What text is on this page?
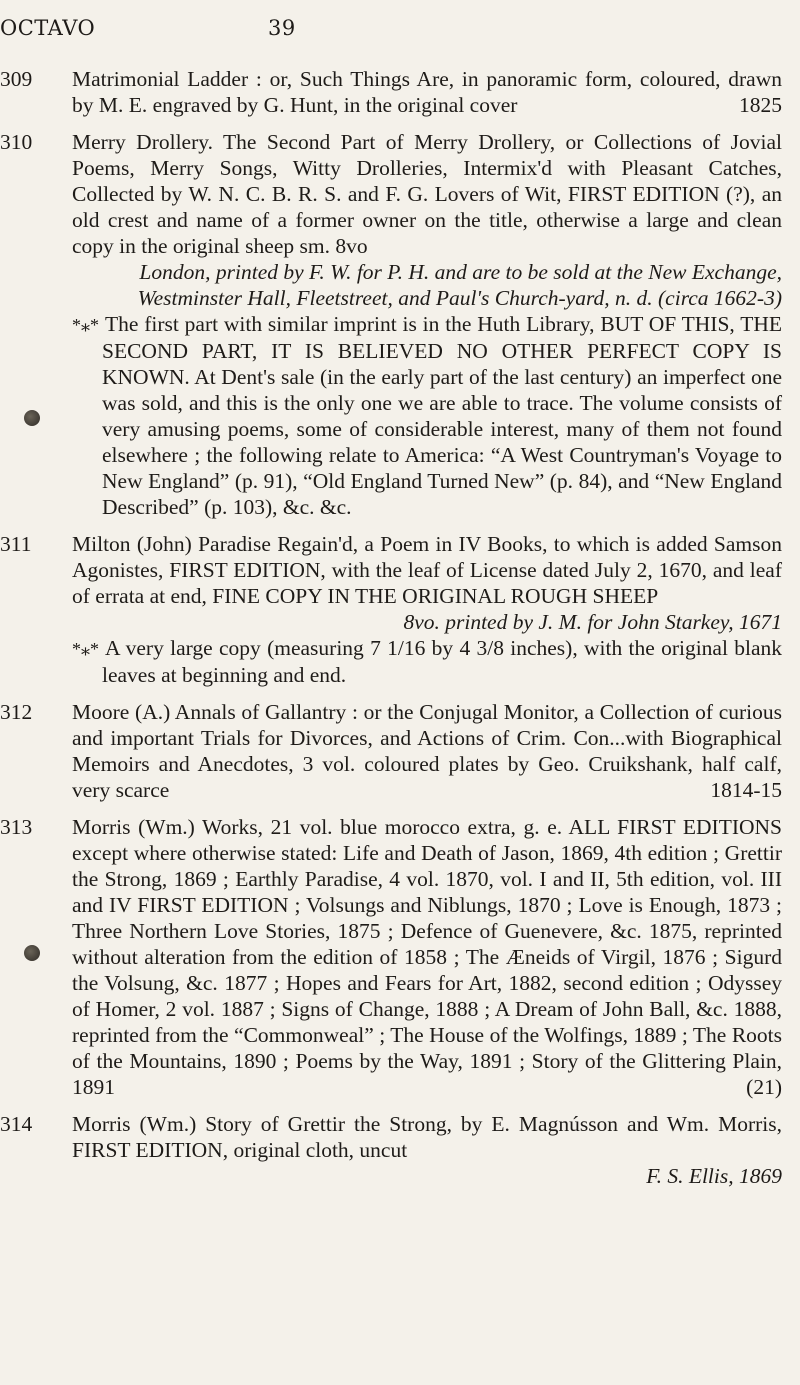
OCTAVO	39
309 Matrimonial Ladder : or, Such Things Are, in panoramic form, coloured, drawn by M. E. engraved by G. Hunt, in the original cover	1825

310 Merry Drollery. The Second Part of Merry Drollery, or Collections of Jovial Poems, Merry Songs, Witty Drolleries, Intermix'd with Pleasant Catches, Collected by W. N. C. B. R. S. and F. G. Lovers of Wit, FIRST EDITION (?), an old crest and name of a former owner on the title, otherwise a large and clean copy in the original sheep sm. 8vo
London, printed by F. W. for P. H. and are to be sold at the New Exchange, Westminster Hall, Fleetstreet, and Paul's Church-yard, n. d. (circa 1662-3)

*⁎* The first part with similar imprint is in the Huth Library, BUT OF THIS, THE SECOND PART, IT IS BELIEVED NO OTHER PERFECT COPY IS KNOWN. At Dent's sale (in the early part of the last century) an imperfect one was sold, and this is the only one we are able to trace. The volume consists of very amusing poems, some of considerable interest, many of them not found elsewhere ; the following relate to America: “A West Countryman's Voyage to New England” (p. 91), “Old England Turned New” (p. 84), and “New England Described” (p. 103), &c. &c.

311 Milton (John) Paradise Regain'd, a Poem in IV Books, to which is added Samson Agonistes, FIRST EDITION, with the leaf of License dated July 2, 1670, and leaf of errata at end, FINE COPY IN THE ORIGINAL ROUGH SHEEP
8vo. printed by J. M. for John Starkey, 1671

*⁎* A very large copy (measuring 7 1/16 by 4 3/8 inches), with the original blank leaves at beginning and end.

312 Moore (A.) Annals of Gallantry : or the Conjugal Monitor, a Collection of curious and important Trials for Divorces, and Actions of Crim. Con...with Biographical Memoirs and Anecdotes, 3 vol. coloured plates by Geo. Cruikshank, half calf, very scarce	1814-15

313 Morris (Wm.) Works, 21 vol. blue morocco extra, g. e. ALL FIRST EDITIONS except where otherwise stated: Life and Death of Jason, 1869, 4th edition ; Grettir the Strong, 1869 ; Earthly Paradise, 4 vol. 1870, vol. I and II, 5th edition, vol. III and IV FIRST EDITION ; Volsungs and Niblungs, 1870 ; Love is Enough, 1873 ; Three Northern Love Stories, 1875 ; Defence of Guenevere, &c. 1875, reprinted without alteration from the edition of 1858 ; The Æneids of Virgil, 1876 ; Sigurd the Volsung, &c. 1877 ; Hopes and Fears for Art, 1882, second edition ; Odyssey of Homer, 2 vol. 1887 ; Signs of Change, 1888 ; A Dream of John Ball, &c. 1888, reprinted from the “Commonweal” ; The House of the Wolfings, 1889 ; The Roots of the Mountains, 1890 ; Poems by the Way, 1891 ; Story of the Glittering Plain, 1891	(21)

314 Morris (Wm.) Story of Grettir the Strong, by E. Magnússon and Wm. Morris, FIRST EDITION, original cloth, uncut
F. S. Ellis, 1869
